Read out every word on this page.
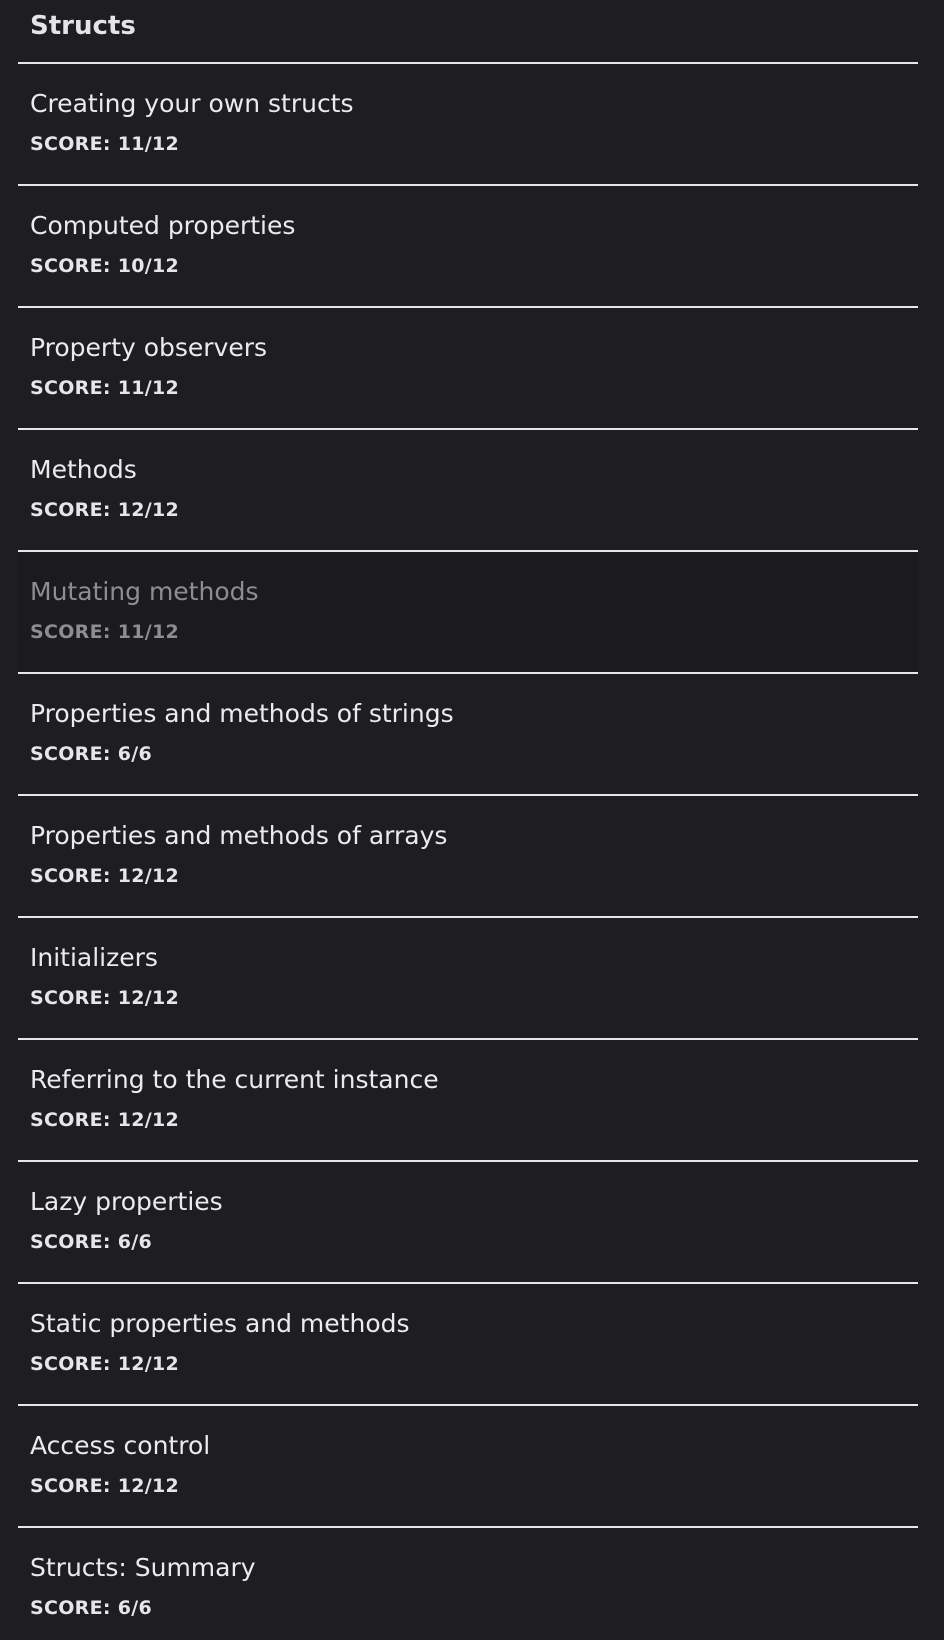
Structs
Creating your own structs
SCORE: 11/12
Computed properties
SCORE: 10/12
Property observers
SCORE: 11/12
Methods
SCORE: 12/12
Mutating methods
SCORE: 11/12
Properties and methods of strings
SCORE: 6/6
Properties and methods of arrays
SCORE: 12/12
Initializers
SCORE: 12/12
Referring to the current instance
SCORE: 12/12
Lazy properties
SCORE: 6/6
Static properties and methods
SCORE: 12/12
Access control
SCORE: 12/12
Structs: Summary
SCORE: 6/6
